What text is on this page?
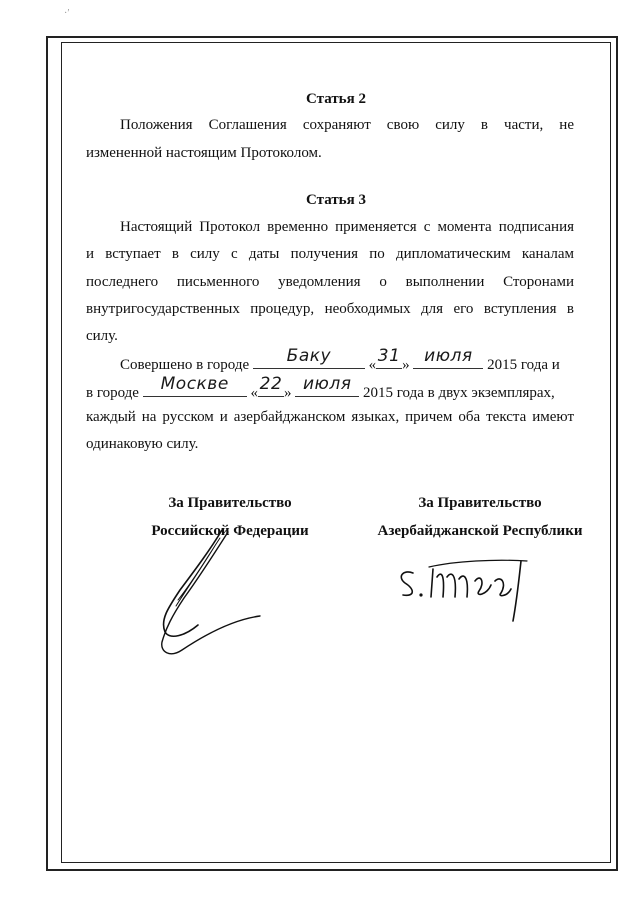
·′
Статья 2
Положения Соглашения сохраняют свою силу в части, не
измененной настоящим Протоколом.
Статья 3
Настоящий Протокол временно применяется с момента подписания
и вступает в силу с даты получения по дипломатическим каналам
последнего письменного уведомления о выполнении Сторонами
внутригосударственных процедур, необходимых для его вступления в
силу.
Совершено в городе	Баку	« 31 » июля 2015 года и
в городе	Москве	« 22 » июля 2015 года в двух экземплярах,
каждый на русском и азербайджанском языках, причем оба текста имеют
одинаковую силу.
За Правительство
Российской Федерации
За Правительство
Азербайджанской Республики
